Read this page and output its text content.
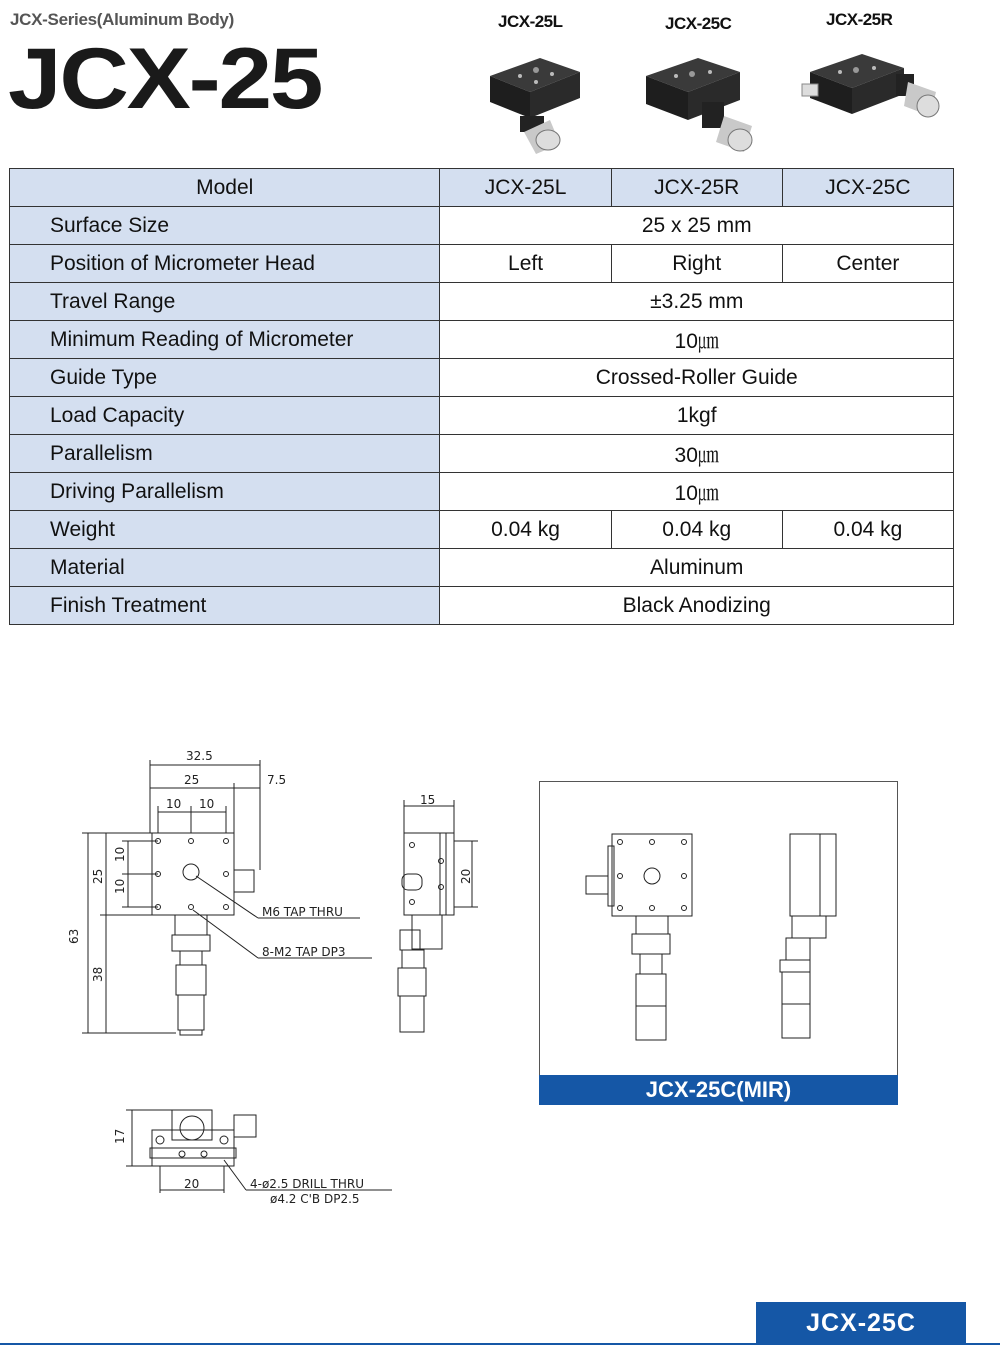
JCX-Series(Aluminum Body)
JCX-25
JCX-25L	JCX-25C	JCX-25R
Model	JCX-25L	JCX-25R	JCX-25C
Surface Size	25 x 25 mm		
Position of Micrometer Head	Left	Right	Center
Travel Range	±3.25 mm		
Minimum Reading of Micrometer	10㎛		
Guide Type	Crossed-Roller Guide		
Load Capacity	1kgf		
Parallelism	30㎛		
Driving Parallelism	10㎛		
Weight	0.04 kg	0.04 kg	0.04 kg
Material	Aluminum		
Finish Treatment	Black Anodizing		
32.5
25	7.5
10 10	15
63
25
10
10
38
20
17
20
M6 TAP THRU
8-M2 TAP DP3
4-ø2.5 DRILL THRU
ø4.2 C'B DP2.5
JCX-25C(MIR)
JCX-25C
